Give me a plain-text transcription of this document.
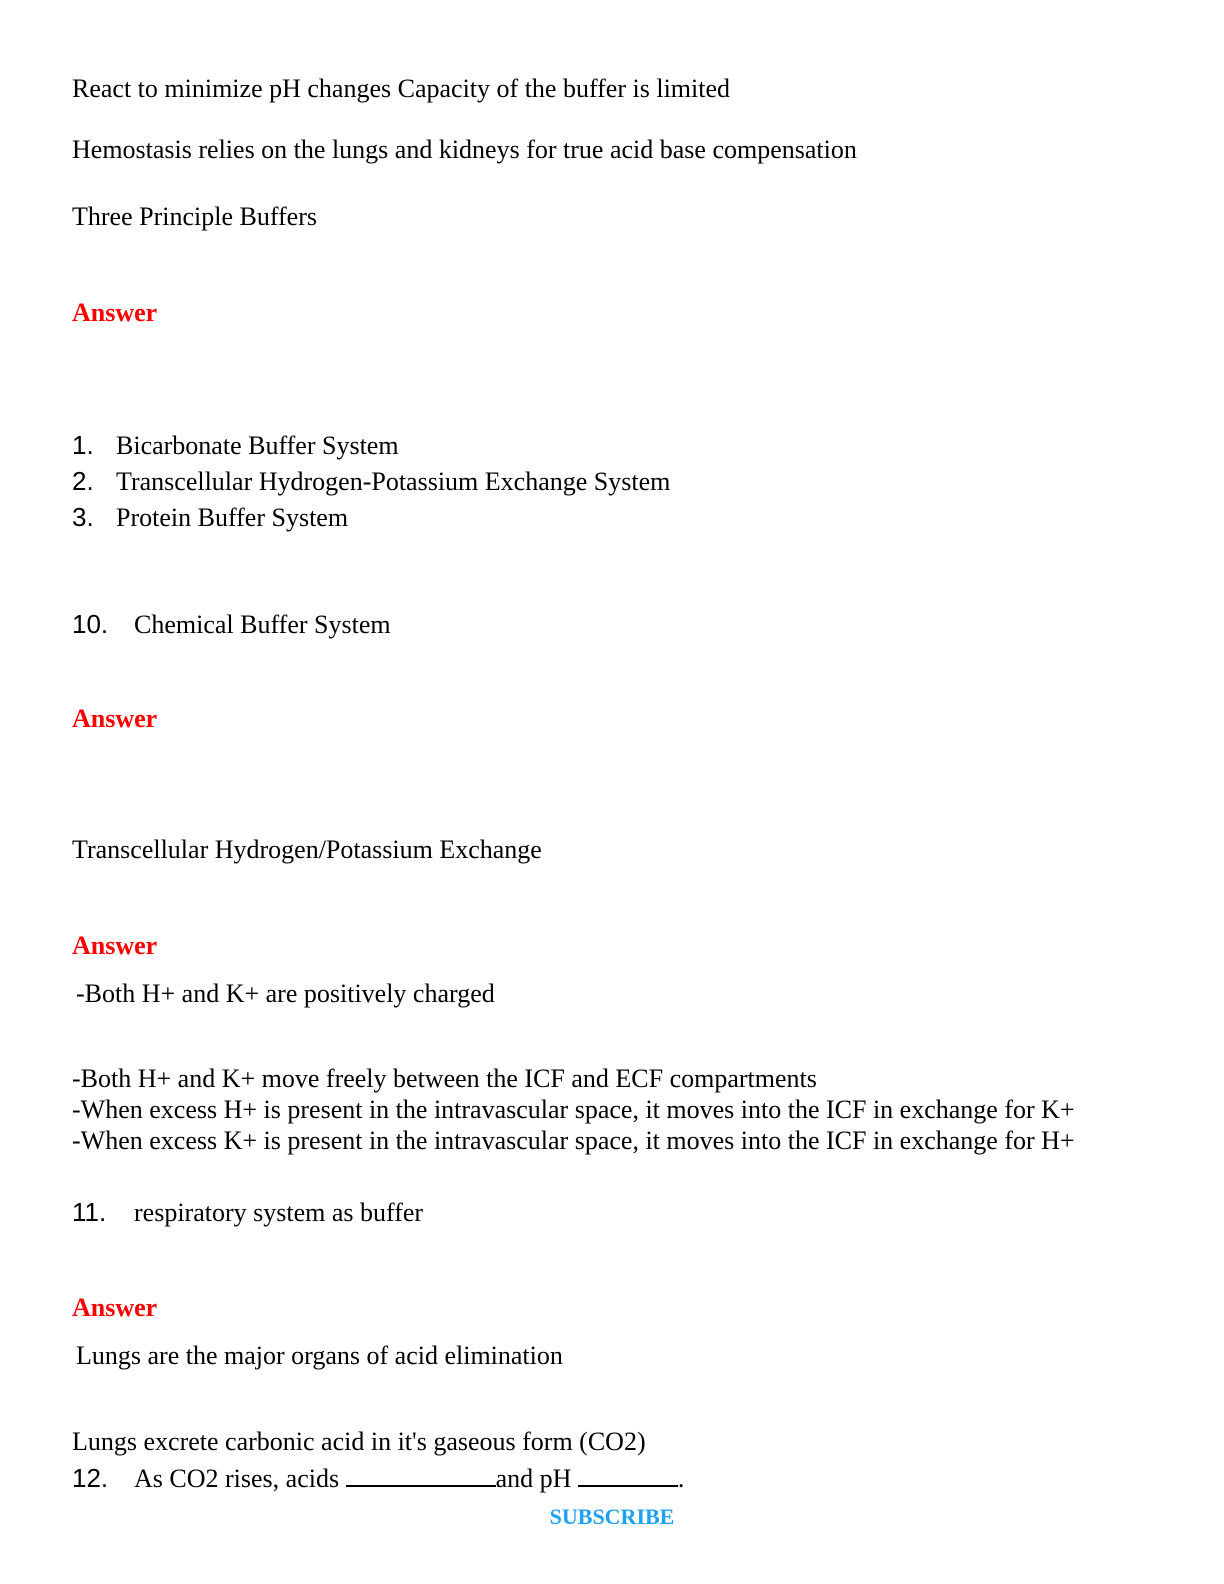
React to minimize pH changes Capacity of the buffer is limited
Hemostasis relies on the lungs and kidneys for true acid base compensation
Three Principle Buffers
Answer
1. Bicarbonate Buffer System
2. Transcellular Hydrogen-Potassium Exchange System
3. Protein Buffer System
10. Chemical Buffer System
Answer
Transcellular Hydrogen/Potassium Exchange
Answer
-Both H+ and K+ are positively charged
-Both H+ and K+ move freely between the ICF and ECF compartments
-When excess H+ is present in the intravascular space, it moves into the ICF in exchange for K+
-When excess K+ is present in the intravascular space, it moves into the ICF in exchange for H+
11. respiratory system as buffer
Answer
Lungs are the major organs of acid elimination
Lungs excrete carbonic acid in it's gaseous form (CO2)
12. As CO2 rises, acids	and pH	.
SUBSCRIBE
